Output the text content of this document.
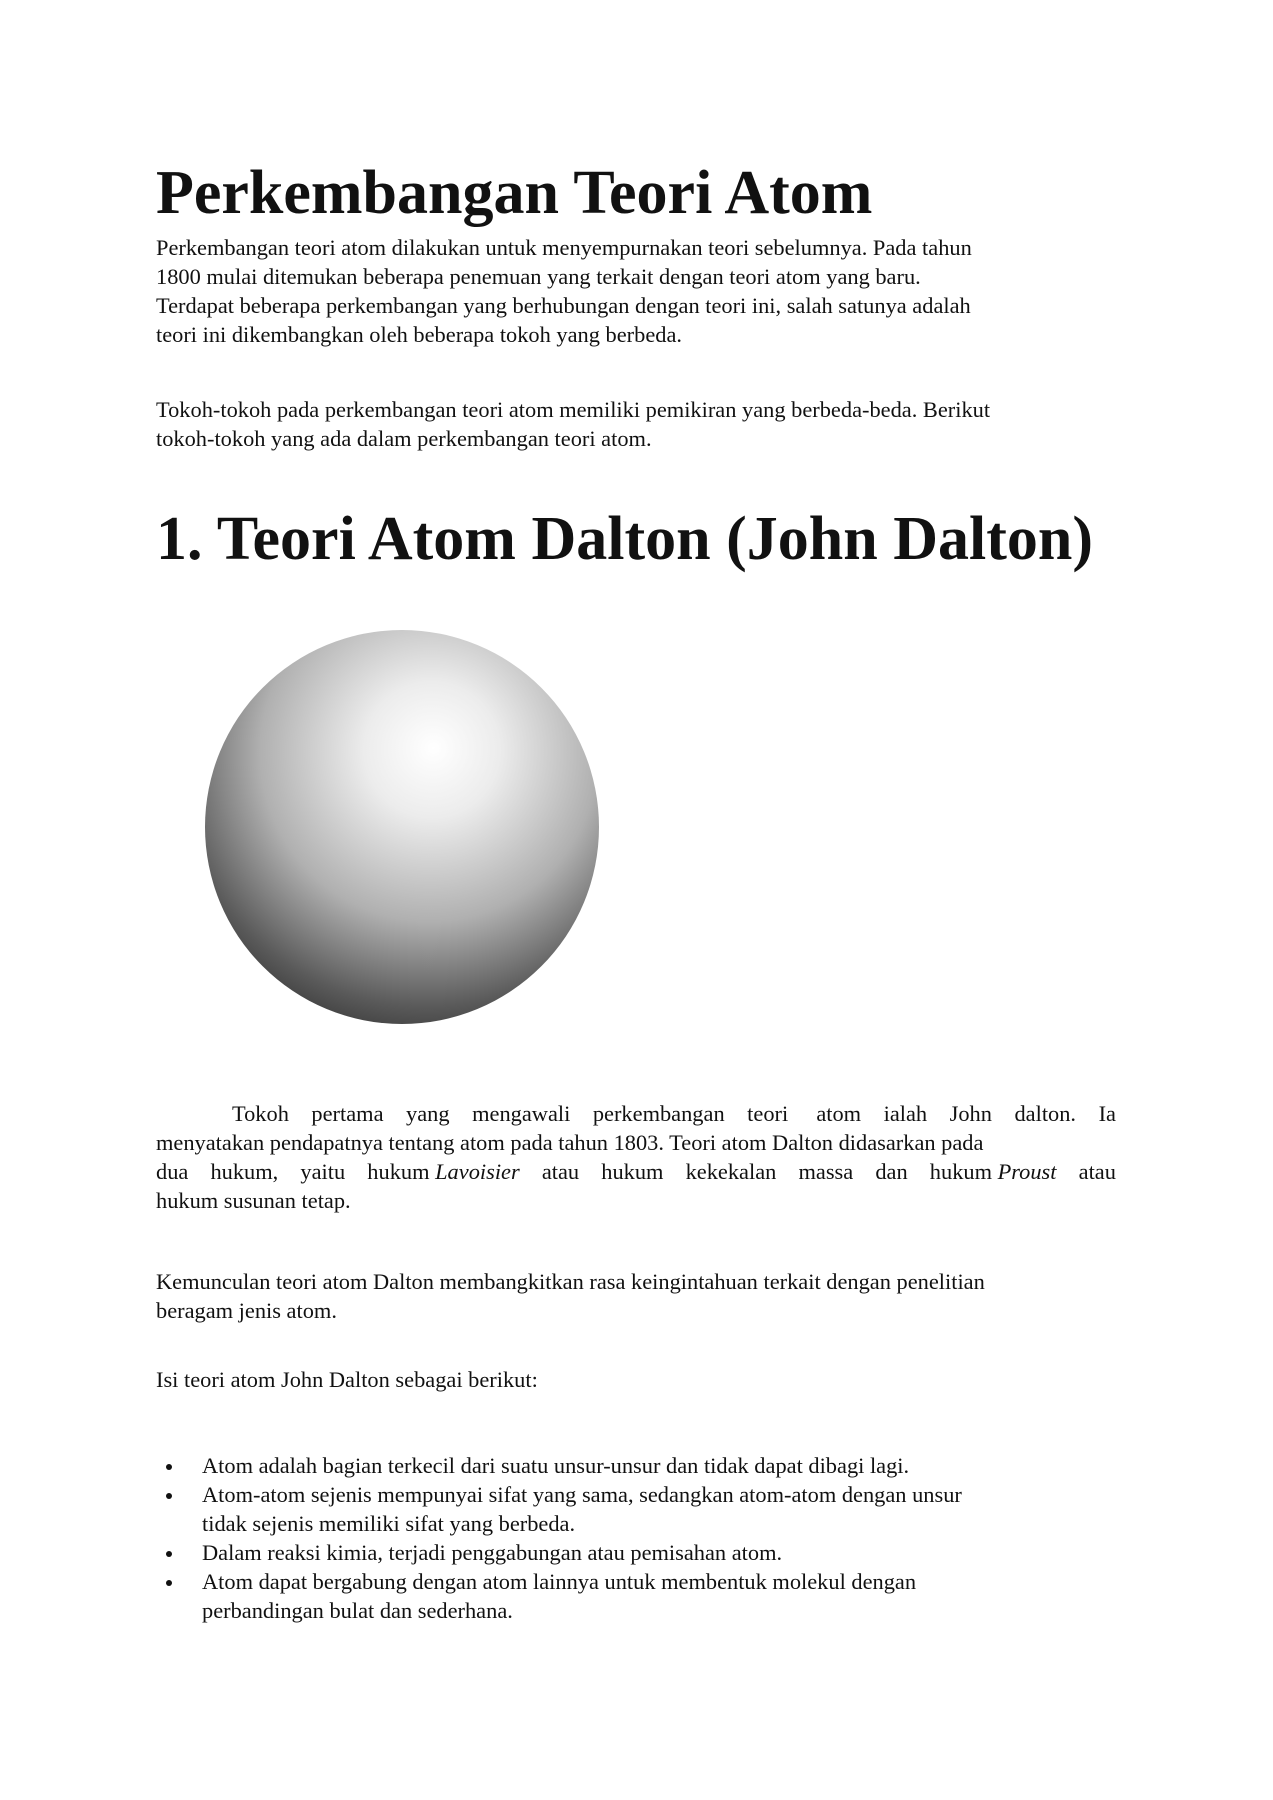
Perkembangan Teori Atom

Perkembangan teori atom dilakukan untuk menyempurnakan teori sebelumnya. Pada tahun
1800 mulai ditemukan beberapa penemuan yang terkait dengan teori atom yang baru.
Terdapat beberapa perkembangan yang berhubungan dengan teori ini, salah satunya adalah
teori ini dikembangkan oleh beberapa tokoh yang berbeda.

Tokoh-tokoh pada perkembangan teori atom memiliki pemikiran yang berbeda-beda. Berikut
tokoh-tokoh yang ada dalam perkembangan teori atom.

1. Teori Atom Dalton (John Dalton)
Tokoh pertama yang mengawali perkembangan teori atom ialah John dalton. Ia
menyatakan pendapatnya tentang atom pada tahun 1803. Teori atom Dalton didasarkan pada
dua hukum, yaitu hukum Lavoisier atau hukum kekekalan massa dan hukum Proust atau
hukum susunan tetap.

Kemunculan teori atom Dalton membangkitkan rasa keingintahuan terkait dengan penelitian
beragam jenis atom.

Isi teori atom John Dalton sebagai berikut:

Atom adalah bagian terkecil dari suatu unsur-unsur dan tidak dapat dibagi lagi.
Atom-atom sejenis mempunyai sifat yang sama, sedangkan atom-atom dengan unsur
tidak sejenis memiliki sifat yang berbeda.
Dalam reaksi kimia, terjadi penggabungan atau pemisahan atom.
Atom dapat bergabung dengan atom lainnya untuk membentuk molekul dengan
perbandingan bulat dan sederhana.
